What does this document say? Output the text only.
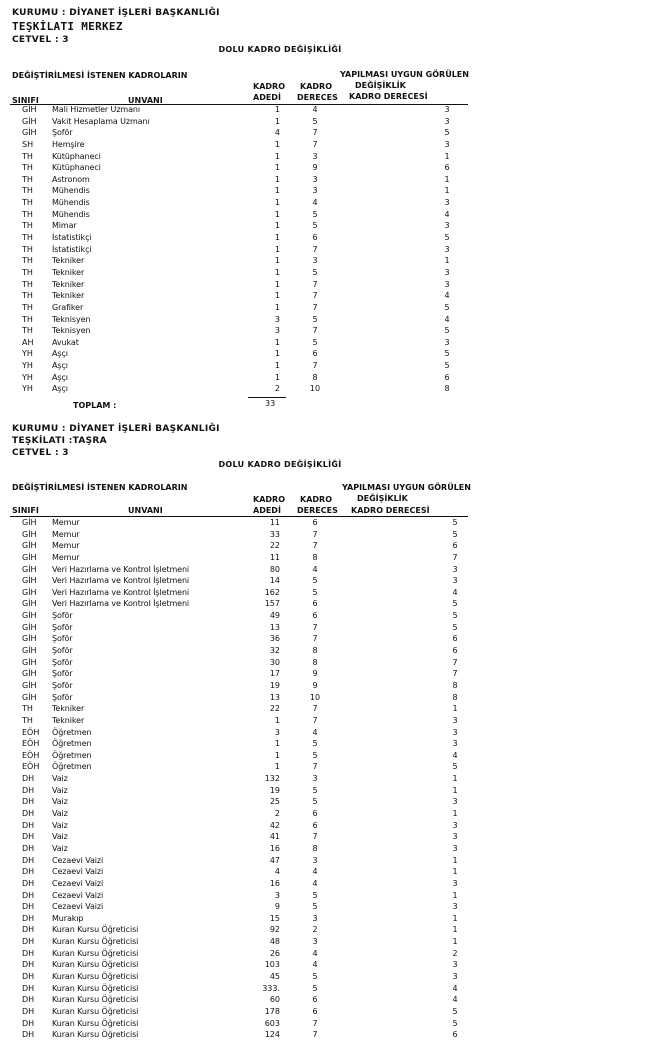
KURUMU : DİYANET İŞLERİ BAŞKANLIĞI
TEŞKİLATI MERKEZ
CETVEL : 3
DOLU KADRO DEĞİŞİKLİĞİ
DEĞİŞTİRİLMESİ İSTENEN KADROLARIN
KADRO
ADEDİ
KADRO
DERECES
YAPILMASI UYGUN GÖRÜLEN
DEĞİŞİKLİK
KADRO DERECESİ
SINIFI	UNVANI
GİH Mali Hizmetler Uzmanı	1	4	3
GİH Vakit Hesaplama Uzmanı	1	5	3
GİH Şoför	4	7	5
SH Hemşire	1	7	3
TH Kütüphaneci	1	3	1
TH Kütüphaneci	1	9	6
TH Astronom	1	3	1
TH Mühendis	1	3	1
TH Mühendis	1	4	3
TH Mühendis	1	5	4
TH Mimar	1	5	3
TH İstatistikçi	1	6	5
TH İstatistikçi	1	7	3
TH Tekniker	1	3	1
TH Tekniker	1	5	3
TH Tekniker	1	7	3
TH Tekniker	1	7	4
TH Grafiker	1	7	5
TH Teknisyen	3	5	4
TH Teknisyen	3	7	5
AH Avukat	1	5	3
YH Aşçı	1	6	5
YH Aşçı	1	7	5
YH Aşçı	1	8	6
YH Aşçı	2	10	8
TOPLAM :	33
KURUMU : DİYANET İŞLERİ BAŞKANLIĞI
TEŞKİLATI :TAŞRA
CETVEL : 3
DOLU KADRO DEĞİŞİKLİĞİ
DEĞİŞTİRİLMESİ İSTENEN KADROLARIN
KADRO
ADEDİ
KADRO
DERECES
YAPILMASI UYGUN GÖRÜLEN
DEĞİŞİKLİK
KADRO DERECESİ
SINIFI	UNVANI
GİH Memur	11	6	5
GİH Memur	33	7	5
GİH Memur	22	7	6
GİH Memur	11	8	7
GİH Veri Hazırlama ve Kontrol İşletmeni	80	4	3
GİH Veri Hazırlama ve Kontrol İşletmeni	14	5	3
GİH Veri Hazırlama ve Kontrol İşletmeni	162	5	4
GİH Veri Hazırlama ve Kontrol İşletmeni	157	6	5
GİH Şoför	49	6	5
GİH Şoför	13	7	5
GİH Şoför	36	7	6
GİH Şoför	32	8	6
GİH Şoför	30	8	7
GİH Şoför	17	9	7
GİH Şoför	19	9	8
GİH Şoför	13	10	8
TH Tekniker	22	7	1
TH Tekniker	1	7	3
EÖH Öğretmen	3	4	3
EÖH Öğretmen	1	5	3
EÖH Öğretmen	1	5	4
EÖH Öğretmen	1	7	5
DH Vaiz	132	3	1
DH Vaiz	19	5	1
DH Vaiz	25	5	3
DH Vaiz	2	6	1
DH Vaiz	42	6	3
DH Vaiz	41	7	3
DH Vaiz	16	8	3
DH Cezaevi Vaizi	47	3	1
DH Cezaevi Vaizi	4	4	1
DH Cezaevi Vaizi	16	4	3
DH Cezaevi Vaizi	3	5	1
DH Cezaevi Vaizi	9	5	3
DH Murakıp	15	3	1
DH Kuran Kursu Öğreticisi	92	2	1
DH Kuran Kursu Öğreticisi	48	3	1
DH Kuran Kursu Öğreticisi	26	4	2
DH Kuran Kursu Öğreticisi	103	4	3
DH Kuran Kursu Öğreticisi	45	5	3
DH Kuran Kursu Öğreticisi	333.	5	4
DH Kuran Kursu Öğreticisi	60	6	4
DH Kuran Kursu Öğreticisi	178	6	5
DH Kuran Kursu Öğreticisi	603	7	5
DH Kuran Kursu Öğreticisi	124	7	6
